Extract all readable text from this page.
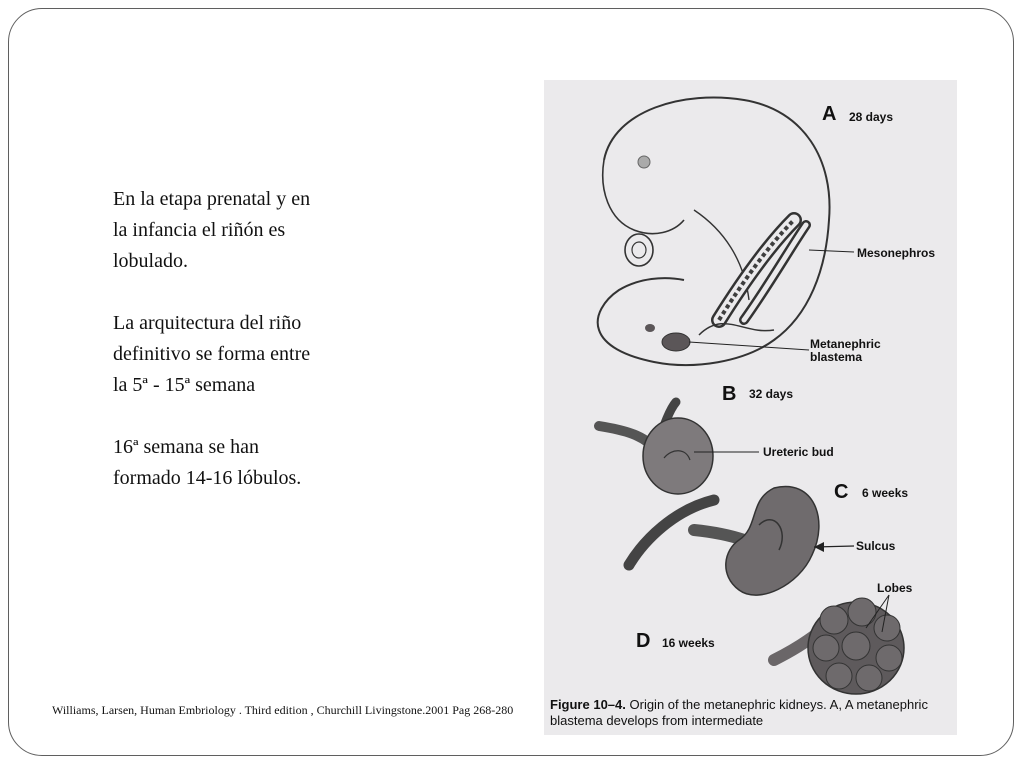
En la etapa prenatal y en la infancia el riñón es lobulado.

La arquitectura del riño definitivo se forma entre la 5ª - 15ª semana

16ª semana se han formado 14-16 lóbulos.

Williams, Larsen, Human Embriology . Third edition , Churchill Livingstone.2001 Pag 268-280
A 28 days
Mesonephros
Metanephric
blastema
B 32 days
Ureteric bud
C 6 weeks
Sulcus
Lobes
D 16 weeks
Figure 10–4. Origin of the metanephric kidneys. A, A metanephric blastema develops from intermediate
